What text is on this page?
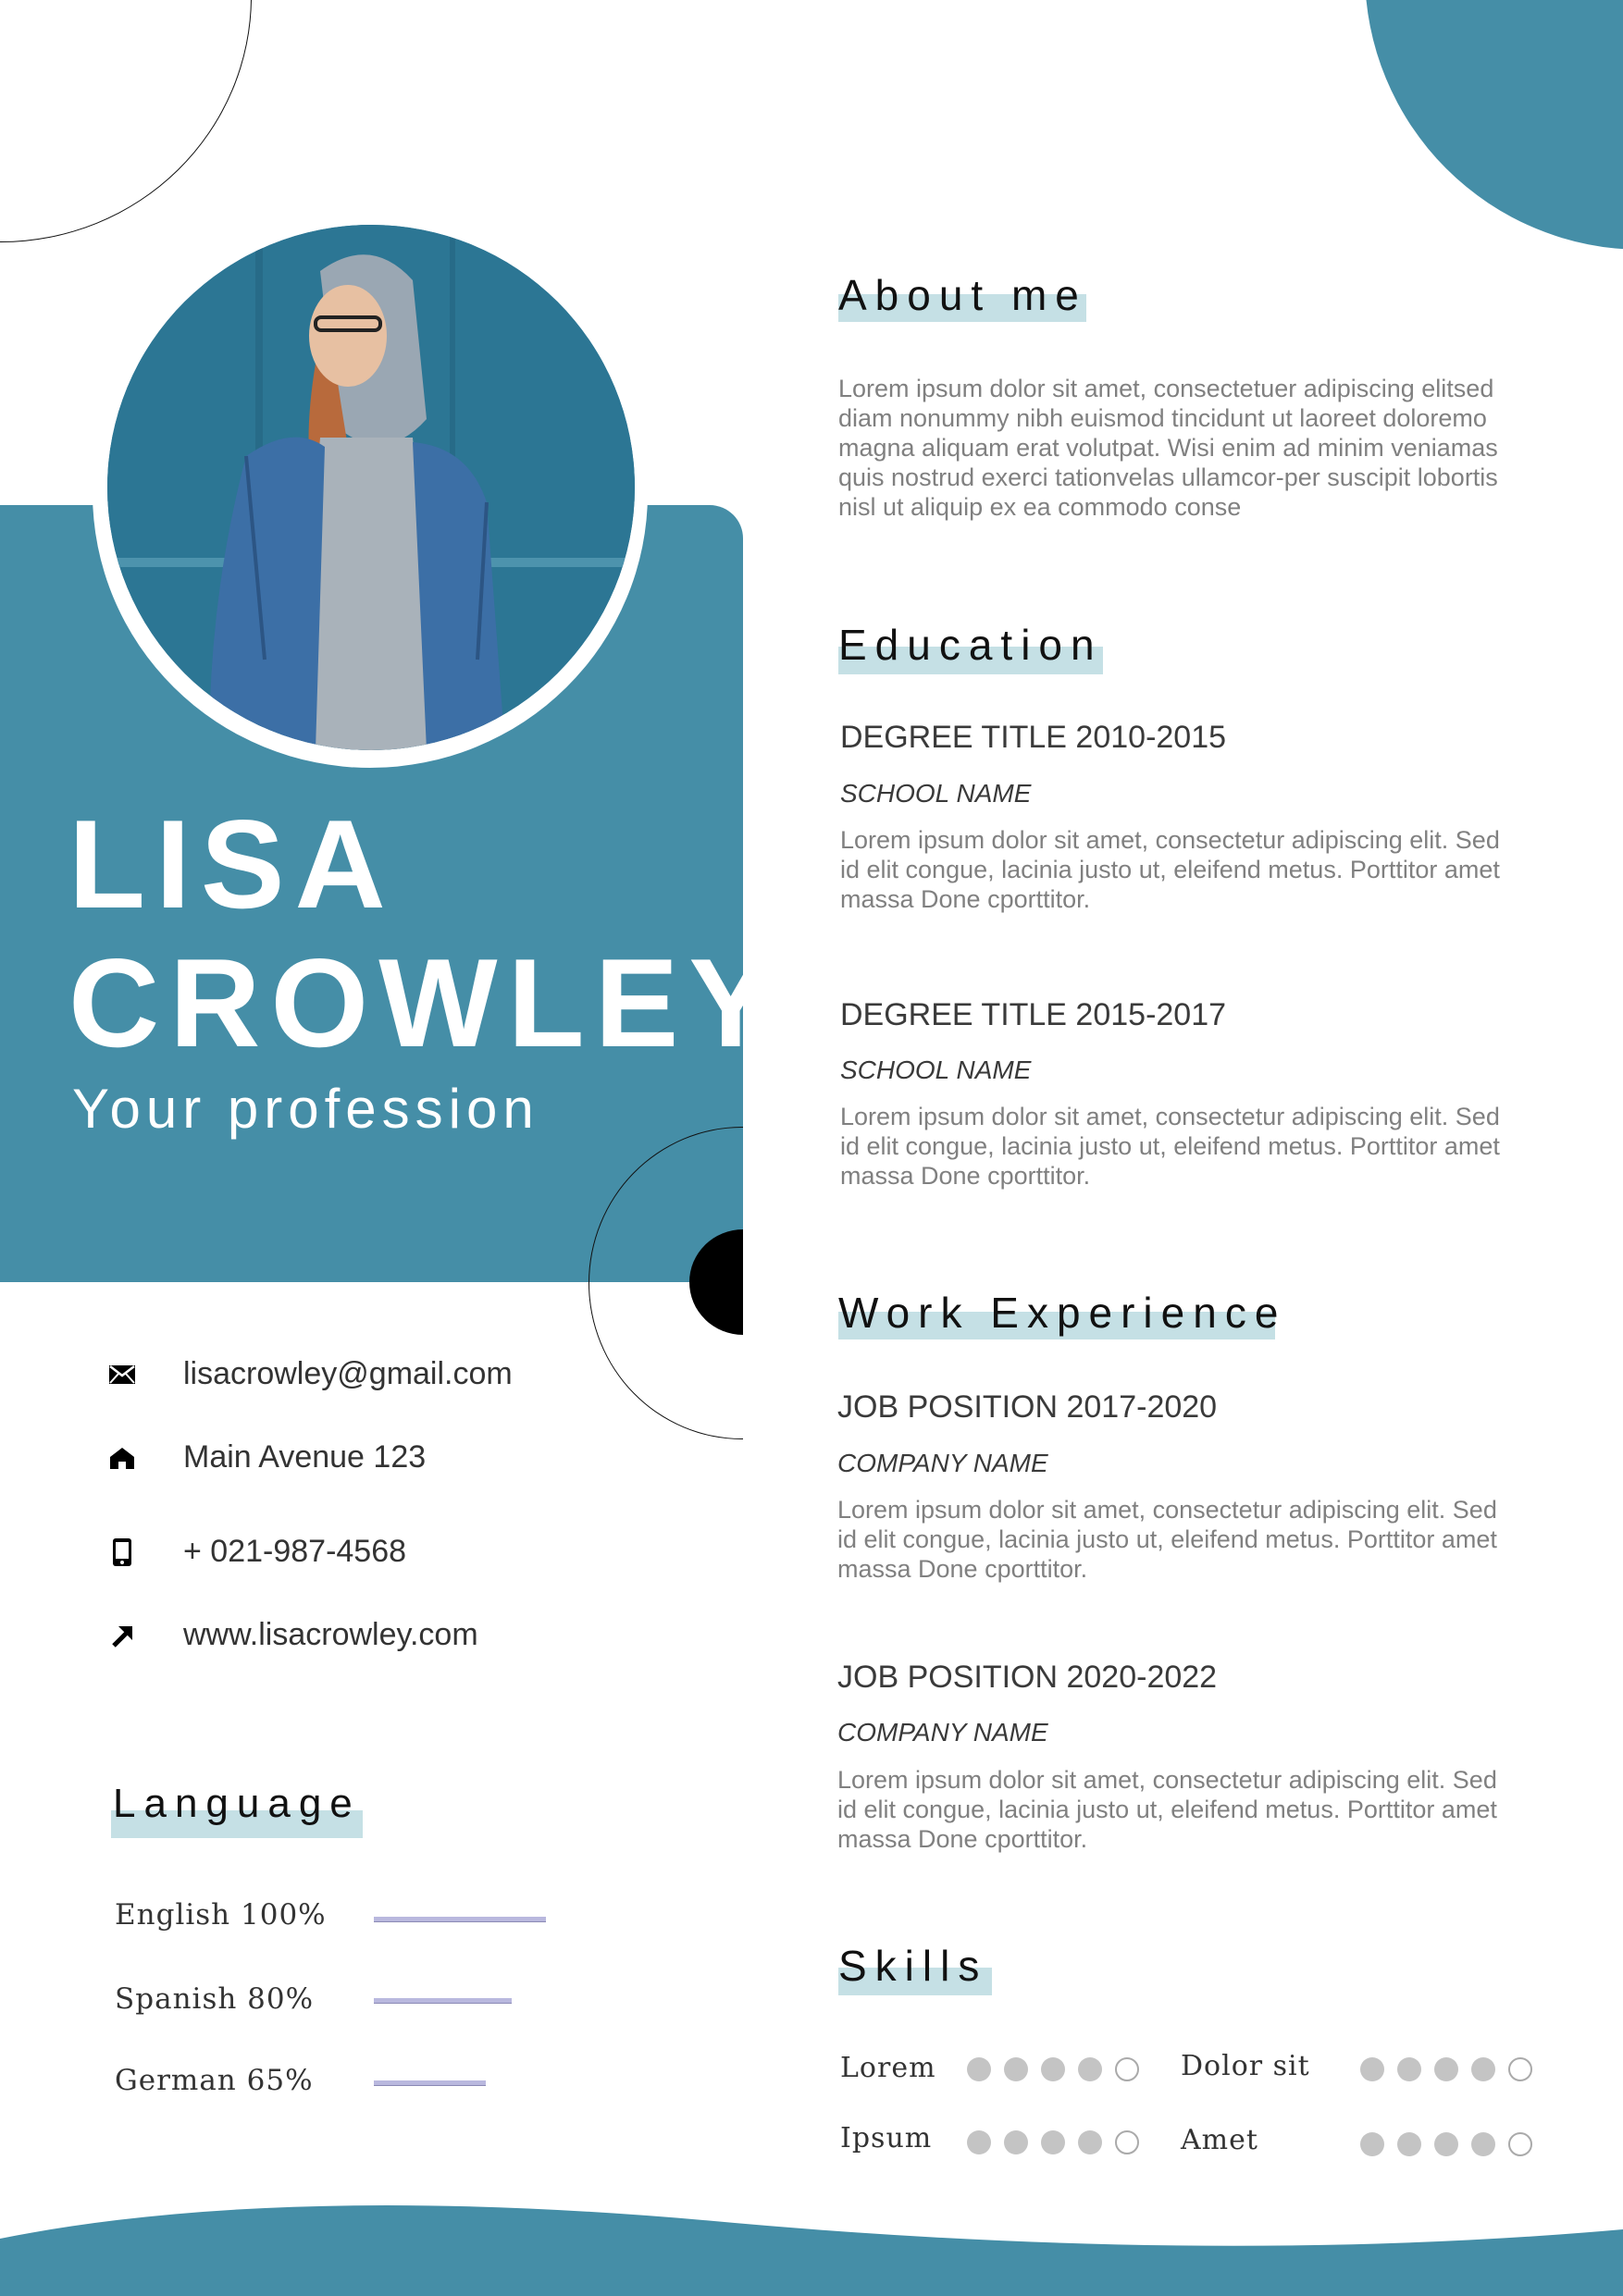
LISA
CROWLEY
Your profession
lisacrowley@gmail.com
Main Avenue 123
+ 021-987-4568
www.lisacrowley.com
Language
English 100%
Spanish 80%
German 65%
About me
Lorem ipsum dolor sit amet, consectetuer adipiscing elitsed diam nonummy nibh euismod tincidunt ut laoreet doloremo magna aliquam erat volutpat. Wisi enim ad minim veniamas quis nostrud exerci tationvelas ullamcor-per suscipit lobortis nisl ut aliquip ex ea commodo conse
Education
DEGREE TITLE 2010-2015
SCHOOL NAME
Lorem ipsum dolor sit amet, consectetur adipiscing elit. Sed id elit congue, lacinia justo ut, eleifend metus. Porttitor amet massa Done cporttitor.
DEGREE TITLE 2015-2017
SCHOOL NAME
Lorem ipsum dolor sit amet, consectetur adipiscing elit. Sed id elit congue, lacinia justo ut, eleifend metus. Porttitor amet massa Done cporttitor.
Work Experience
JOB POSITION 2017-2020
COMPANY NAME
Lorem ipsum dolor sit amet, consectetur adipiscing elit. Sed id elit congue, lacinia justo ut, eleifend metus. Porttitor amet massa Done cporttitor.
JOB POSITION 2020-2022
COMPANY NAME
Lorem ipsum dolor sit amet, consectetur adipiscing elit. Sed id elit congue, lacinia justo ut, eleifend metus. Porttitor amet massa Done cporttitor.
Skills
Lorem	Dolor sit
Ipsum	Amet
